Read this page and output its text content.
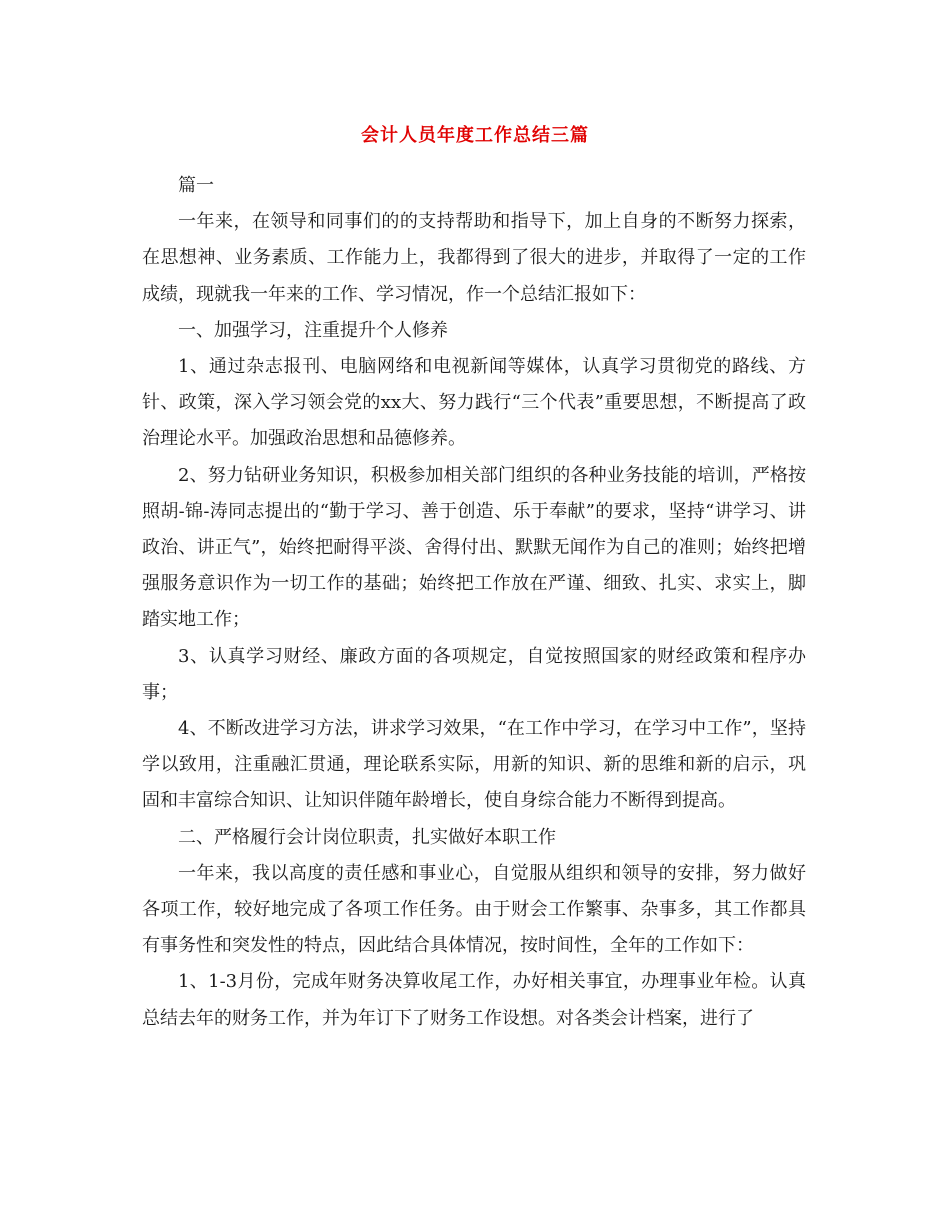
会计人员年度工作总结三篇

篇一

一年来，在领导和同事们的的支持帮助和指导下，加上自身的不断努力探索，在思想神、业务素质、工作能力上，我都得到了很大的进步，并取得了一定的工作成绩，现就我一年来的工作、学习情况，作一个总结汇报如下：

一、加强学习，注重提升个人修养

1、通过杂志报刊、电脑网络和电视新闻等媒体，认真学习贯彻党的路线、方针、政策，深入学习领会党的xx大、努力践行“三个代表”重要思想，不断提高了政治理论水平。加强政治思想和品德修养。

2、努力钻研业务知识，积极参加相关部门组织的各种业务技能的培训，严格按照胡-锦-涛同志提出的“勤于学习、善于创造、乐于奉献”的要求，坚持“讲学习、讲政治、讲正气”，始终把耐得平淡、舍得付出、默默无闻作为自己的准则；始终把增强服务意识作为一切工作的基础；始终把工作放在严谨、细致、扎实、求实上，脚踏实地工作；

3、认真学习财经、廉政方面的各项规定，自觉按照国家的财经政策和程序办事；

4、不断改进学习方法，讲求学习效果，“在工作中学习，在学习中工作”，坚持学以致用，注重融汇贯通，理论联系实际，用新的知识、新的思维和新的启示，巩固和丰富综合知识、让知识伴随年龄增长，使自身综合能力不断得到提高。

二、严格履行会计岗位职责，扎实做好本职工作

一年来，我以高度的责任感和事业心，自觉服从组织和领导的安排，努力做好各项工作，较好地完成了各项工作任务。由于财会工作繁事、杂事多，其工作都具有事务性和突发性的特点，因此结合具体情况，按时间性，全年的工作如下：

1、1-3月份，完成年财务决算收尾工作，办好相关事宜，办理事业年检。认真总结去年的财务工作，并为年订下了财务工作设想。对各类会计档案，进行了
